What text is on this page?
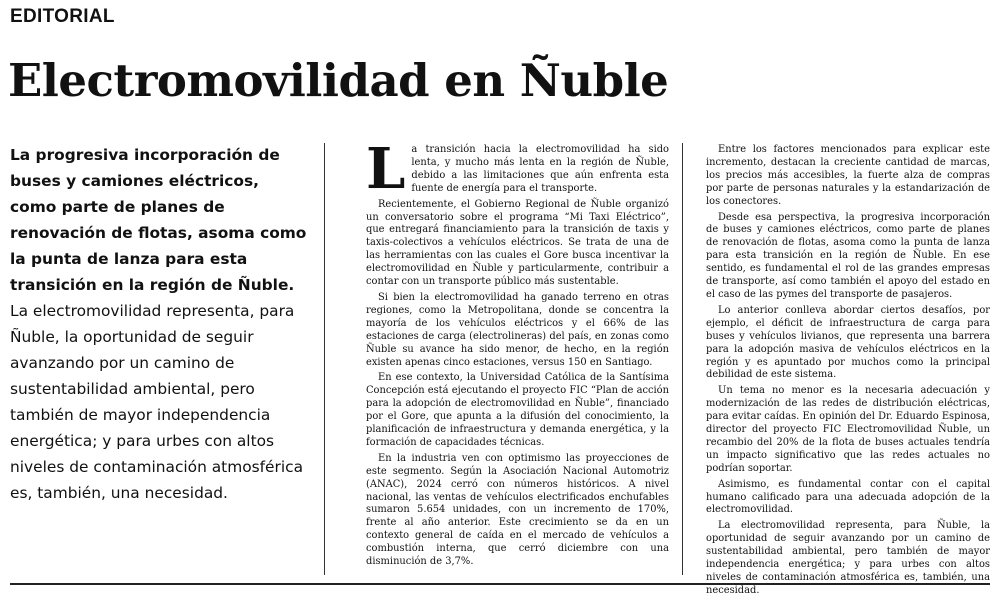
EDITORIAL
Electromovilidad en Ñuble
La progresiva incorporación de buses y camiones eléctricos, como parte de planes de renovación de flotas, asoma como la punta de lanza para esta transición en la región de Ñuble. La electromovilidad representa, para Ñuble, la oportunidad de seguir avanzando por un camino de sustentabilidad ambiental, pero también de mayor independencia energética; y para urbes con altos niveles de contaminación atmosférica es, también, una necesidad.

La transición hacia la electromovilidad ha sido lenta, y mucho más lenta en la región de Ñuble, debido a las limitaciones que aún enfrenta esta fuente de energía para el transporte.

Recientemente, el Gobierno Regional de Ñuble organizó un conversatorio sobre el programa “Mi Taxi Eléctrico”, que entregará financiamiento para la transición de taxis y taxis-colectivos a vehículos eléctricos. Se trata de una de las herramientas con las cuales el Gore busca incentivar la electromovilidad en Ñuble y particularmente, contribuir a contar con un transporte público más sustentable.

Si bien la electromovilidad ha ganado terreno en otras regiones, como la Metropolitana, donde se concentra la mayoría de los vehículos eléctricos y el 66% de las estaciones de carga (electrolineras) del país, en zonas como Ñuble su avance ha sido menor, de hecho, en la región existen apenas cinco estaciones, versus 150 en Santiago.

En ese contexto, la Universidad Católica de la Santísima Concepción está ejecutando el proyecto FIC “Plan de acción para la adopción de electromovilidad en Ñuble”, financiado por el Gore, que apunta a la difusión del conocimiento, la planificación de infraestructura y demanda energética, y la formación de capacidades técnicas.

En la industria ven con optimismo las proyecciones de este segmento. Según la Asociación Nacional Automotriz (ANAC), 2024 cerró con números históricos. A nivel nacional, las ventas de vehículos electrificados enchufables sumaron 5.654 unidades, con un incremento de 170%, frente al año anterior. Este crecimiento se da en un contexto general de caída en el mercado de vehículos a combustión interna, que cerró diciembre con una disminución de 3,7%.

Entre los factores mencionados para explicar este incremento, destacan la creciente cantidad de marcas, los precios más accesibles, la fuerte alza de compras por parte de personas naturales y la estandarización de los conectores.

Desde esa perspectiva, la progresiva incorporación de buses y camiones eléctricos, como parte de planes de renovación de flotas, asoma como la punta de lanza para esta transición en la región de Ñuble. En ese sentido, es fundamental el rol de las grandes empresas de transporte, así como también el apoyo del estado en el caso de las pymes del transporte de pasajeros.

Lo anterior conlleva abordar ciertos desafíos, por ejemplo, el déficit de infraestructura de carga para buses y vehículos livianos, que representa una barrera para la adopción masiva de vehículos eléctricos en la región y es apuntado por muchos como la principal debilidad de este sistema.

Un tema no menor es la necesaria adecuación y modernización de las redes de distribución eléctricas, para evitar caídas. En opinión del Dr. Eduardo Espinosa, director del proyecto FIC Electromovilidad Ñuble, un recambio del 20% de la flota de buses actuales tendría un impacto significativo que las redes actuales no podrían soportar.

Asimismo, es fundamental contar con el capital humano calificado para una adecuada adopción de la electromovilidad.

La electromovilidad representa, para Ñuble, la oportunidad de seguir avanzando por un camino de sustentabilidad ambiental, pero también de mayor independencia energética; y para urbes con altos niveles de contaminación atmosférica es, también, una necesidad.
